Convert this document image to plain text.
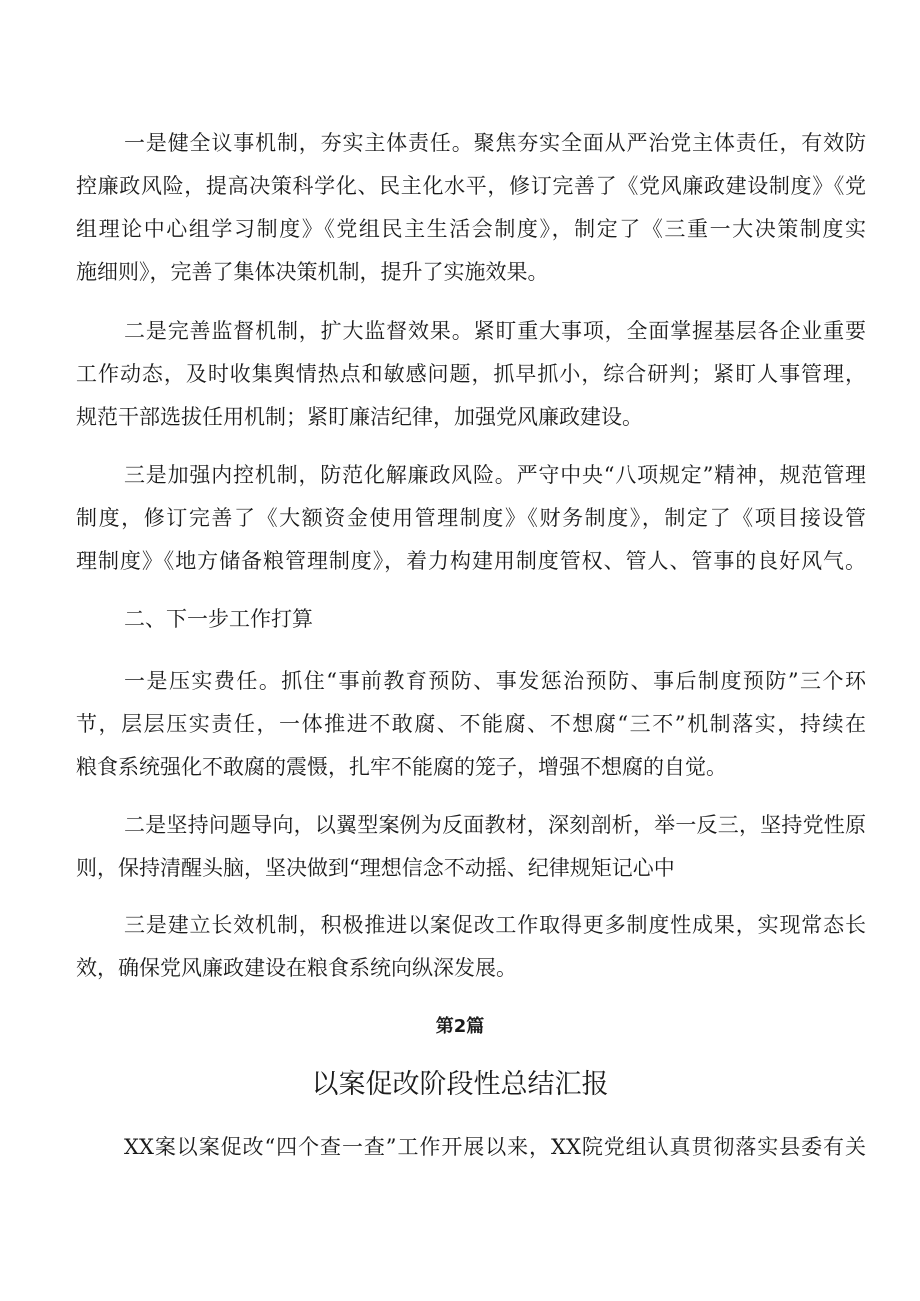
一是健全议事机制，夯实主体责任。聚焦夯实全面从严治党主体责任，有效防
控廉政风险，提高决策科学化、民主化水平，修订完善了《党风廉政建设制度》《党
组理论中心组学习制度》《党组民主生活会制度》，制定了《三重一大决策制度实
施细则》，完善了集体决策机制，提升了实施效果。
二是完善监督机制，扩大监督效果。紧盯重大事项，全面掌握基层各企业重要
工作动态，及时收集舆情热点和敏感问题，抓早抓小，综合研判；紧盯人事管理，
规范干部选拔任用机制；紧盯廉洁纪律，加强党风廉政建设。
三是加强内控机制，防范化解廉政风险。严守中央“八项规定”精神，规范管理
制度，修订完善了《大额资金使用管理制度》《财务制度》，制定了《项目接设管
理制度》《地方储备粮管理制度》，着力构建用制度管权、管人、管事的良好风气。
二、下一步工作打算
一是压实费任。抓住“事前教育预防、事发惩治预防、事后制度预防”三个环
节，层层压实责任，一体推进不敢腐、不能腐、不想腐“三不”机制落实，持续在
粮食系统强化不敢腐的震慑，扎牢不能腐的笼子，增强不想腐的自觉。
二是坚持问题导向，以翼型案例为反面教材，深刻剖析，举一反三，坚持党性原
则，保持清醒头脑，坚决做到“理想信念不动摇、纪律规矩记心中
三是建立长效机制，积极推进以案促改工作取得更多制度性成果，实现常态长
效，确保党风廉政建设在粮食系统向纵深发展。
第2篇
以案促改阶段性总结汇报
XX案以案促改“四个查一查”工作开展以来，XX院党组认真贯彻落实县委有关
